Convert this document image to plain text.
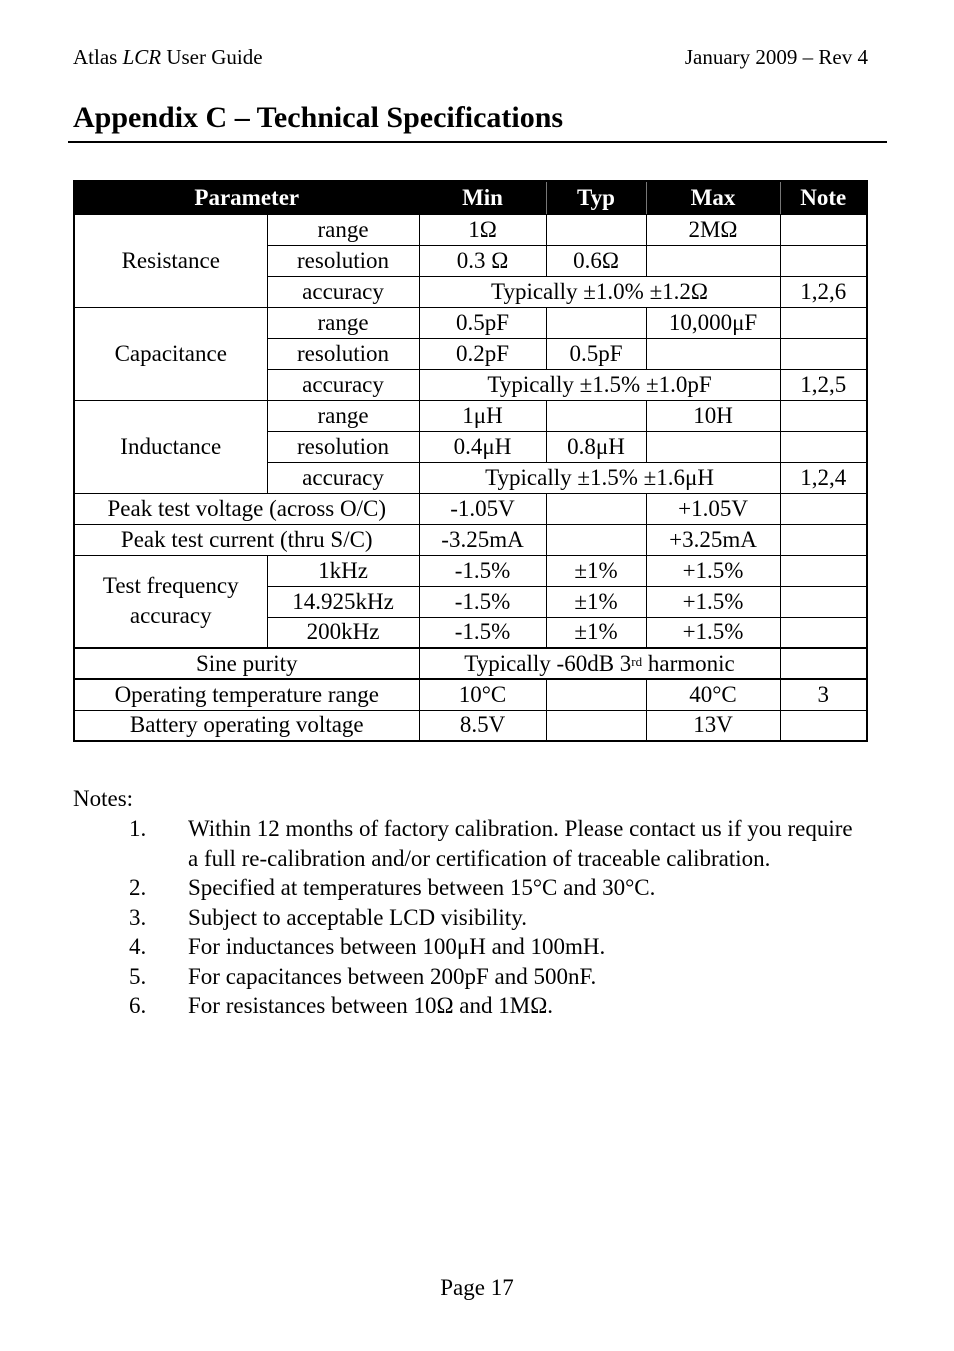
Atlas LCR User Guide	January 2009 – Rev 4
Appendix C – Technical Specifications
Parameter		Min	Typ	Max	Note
Resistance	range	1Ω		2MΩ	
	resolution	0.3 Ω	0.6Ω		
	accuracy	Typically ±1.0% ±1.2Ω			1,2,6
Capacitance	range	0.5pF		10,000μF	
	resolution	0.2pF	0.5pF		
	accuracy	Typically ±1.5% ±1.0pF			1,2,5
Inductance	range	1μH		10H	
	resolution	0.4μH	0.8μH		
	accuracy	Typically ±1.5% ±1.6μH			1,2,4
Peak test voltage (across O/C)		-1.05V		+1.05V	
Peak test current (thru S/C)		-3.25mA		+3.25mA	
Test frequency
accuracy	1kHz	-1.5%	±1%	+1.5%	
	14.925kHz	-1.5%	±1%	+1.5%	
	200kHz	-1.5%	±1%	+1.5%	
Sine purity		Typically -60dB 3rd harmonic			
Operating temperature range		10°C		40°C	3
Battery operating voltage		8.5V		13V	
Notes:
1.	Within 12 months of factory calibration. Please contact us if you require a full re-calibration and/or certification of traceable calibration.
2.	Specified at temperatures between 15°C and 30°C.
3.	Subject to acceptable LCD visibility.
4.	For inductances between 100μH and 100mH.
5.	For capacitances between 200pF and 500nF.
6.	For resistances between 10Ω and 1MΩ.
Page 17
